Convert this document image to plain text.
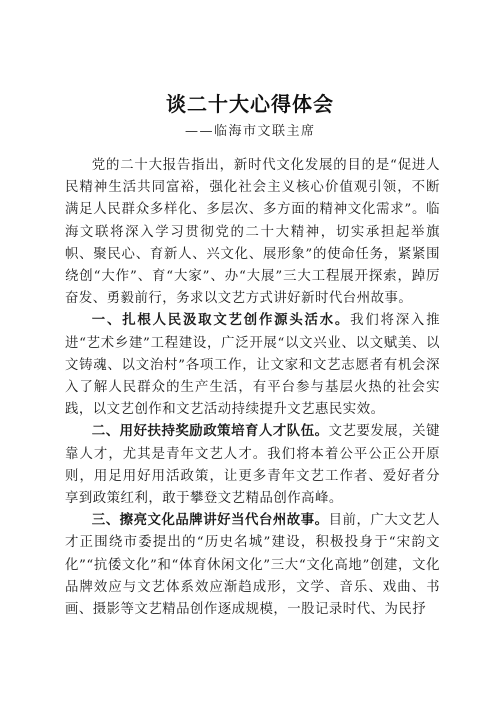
谈二十大心得体会
——临海市文联主席

党的二十大报告指出，新时代文化发展的目的是“促进人民精神生活共同富裕，强化社会主义核心价值观引领，不断满足人民群众多样化、多层次、多方面的精神文化需求”。临海文联将深入学习贯彻党的二十大精神，切实承担起举旗帜、聚民心、育新人、兴文化、展形象”的使命任务，紧紧围绕创“大作”、育“大家”、办“大展”三大工程展开探索，踔厉奋发、勇毅前行，务求以文艺方式讲好新时代台州故事。

一、扎根人民汲取文艺创作源头活水。我们将深入推进“艺术乡建”工程建设，广泛开展“以文兴业、以文赋美、以文铸魂、以文治村”各项工作，让文家和文艺志愿者有机会深入了解人民群众的生产生活，有平台参与基层火热的社会实践，以文艺创作和文艺活动持续提升文艺惠民实效。

二、用好扶持奖励政策培育人才队伍。文艺要发展，关键靠人才，尤其是青年文艺人才。我们将本着公平公正公开原则，用足用好用活政策，让更多青年文艺工作者、爱好者分享到政策红利，敢于攀登文艺精品创作高峰。

三、擦亮文化品牌讲好当代台州故事。目前，广大文艺人才正围绕市委提出的“历史名城”建设，积极投身于“宋韵文化”“抗倭文化”和“体育休闲文化”三大“文化高地”创建，文化品牌效应与文艺体系效应渐趋成形，文学、音乐、戏曲、书画、摄影等文艺精品创作逐成规模，一股记录时代、为民抒
